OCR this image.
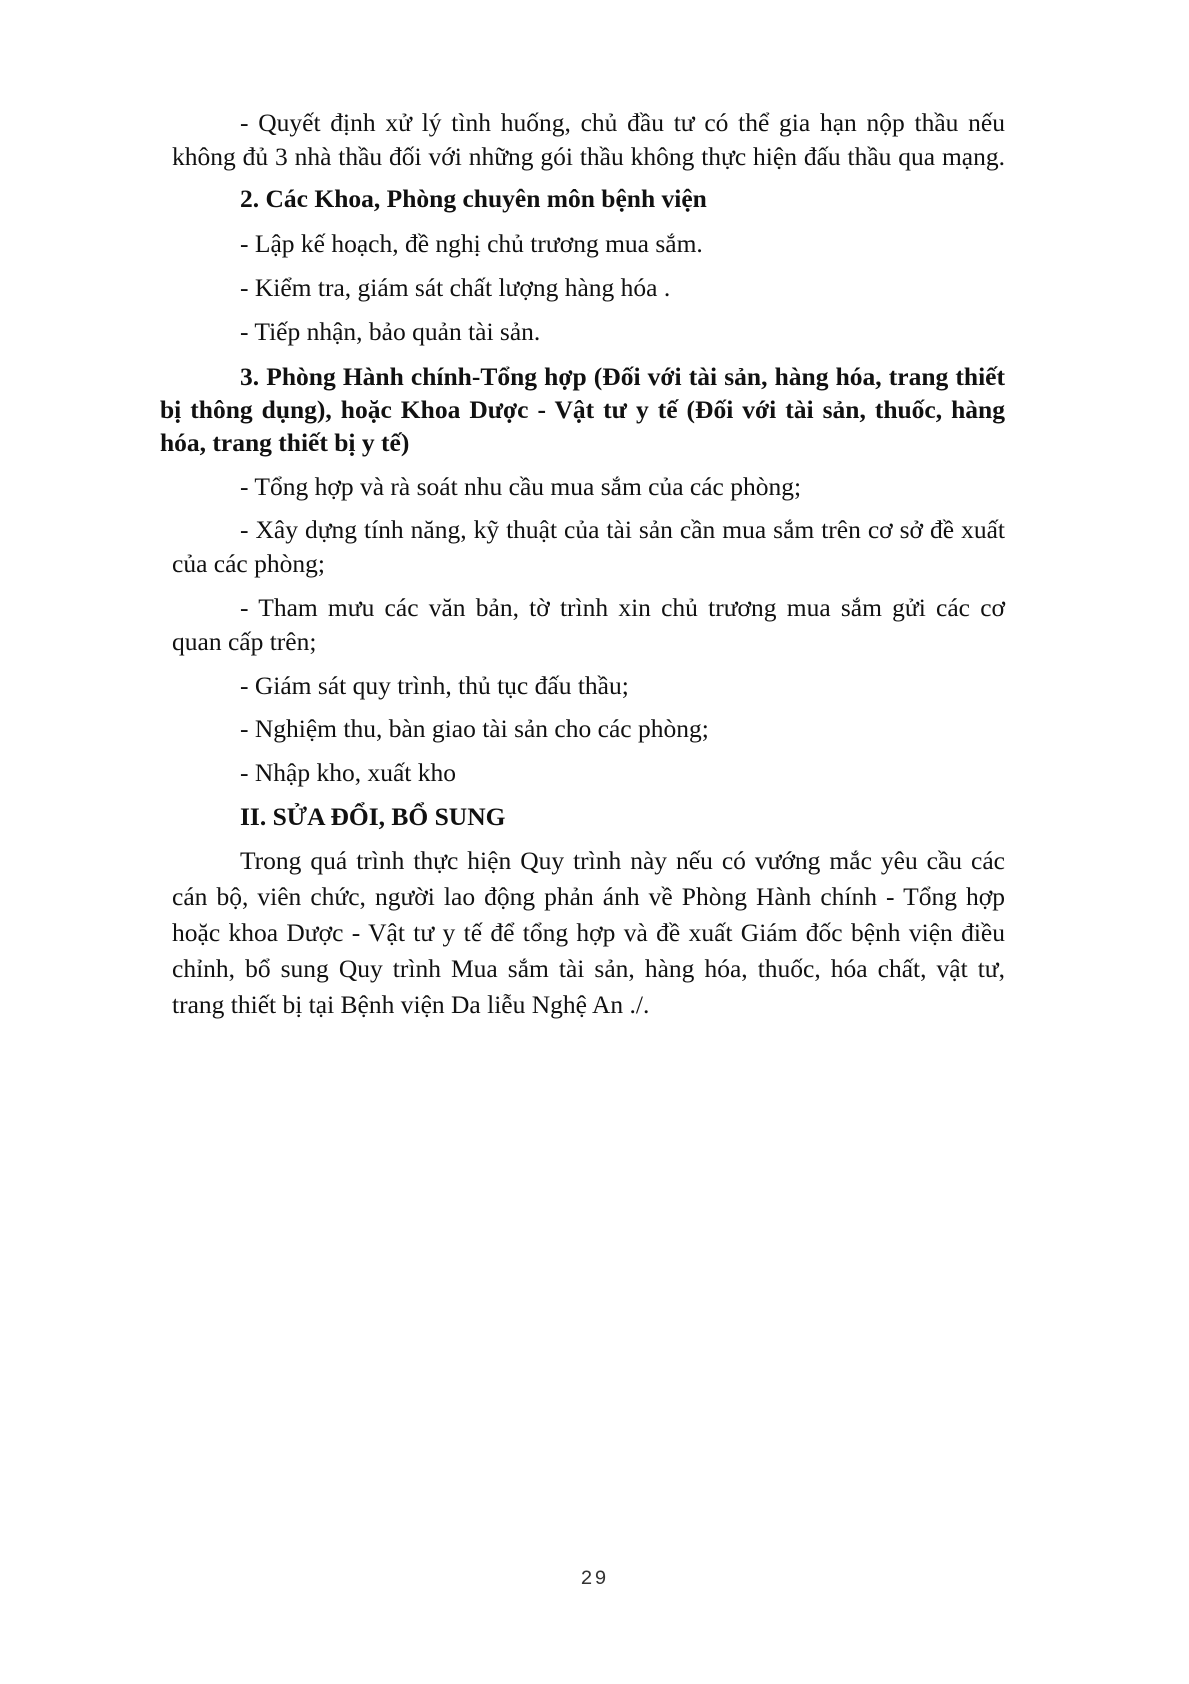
- Quyết định xử lý tình huống, chủ đầu tư có thể gia hạn nộp thầu nếu
không đủ 3 nhà thầu đối với những gói thầu không thực hiện đấu thầu qua mạng.
2. Các Khoa, Phòng chuyên môn bệnh viện
- Lập kế hoạch, đề nghị chủ trương mua sắm.
- Kiểm tra, giám sát chất lượng hàng hóa .
- Tiếp nhận, bảo quản tài sản.
3. Phòng Hành chính-Tổng hợp (Đối với tài sản, hàng hóa, trang thiết
bị thông dụng), hoặc Khoa Dược - Vật tư y tế (Đối với tài sản, thuốc, hàng
hóa, trang thiết bị y tế)
- Tổng hợp và rà soát nhu cầu mua sắm của các phòng;
- Xây dựng tính năng, kỹ thuật của tài sản cần mua sắm trên cơ sở đề xuất
của các phòng;
- Tham mưu các văn bản, tờ trình xin chủ trương mua sắm gửi các cơ
quan cấp trên;
- Giám sát quy trình, thủ tục đấu thầu;
- Nghiệm thu, bàn giao tài sản cho các phòng;
- Nhập kho, xuất kho
II. SỬA ĐỔI, BỔ SUNG
Trong quá trình thực hiện Quy trình này nếu có vướng mắc yêu cầu các
cán bộ, viên chức, người lao động phản ánh về Phòng Hành chính - Tổng hợp
hoặc khoa Dược - Vật tư y tế để tổng hợp và đề xuất Giám đốc bệnh viện điều
chỉnh, bổ sung Quy trình Mua sắm tài sản, hàng hóa, thuốc, hóa chất, vật tư,
trang thiết bị tại Bệnh viện Da liễu Nghệ An ./.
29
